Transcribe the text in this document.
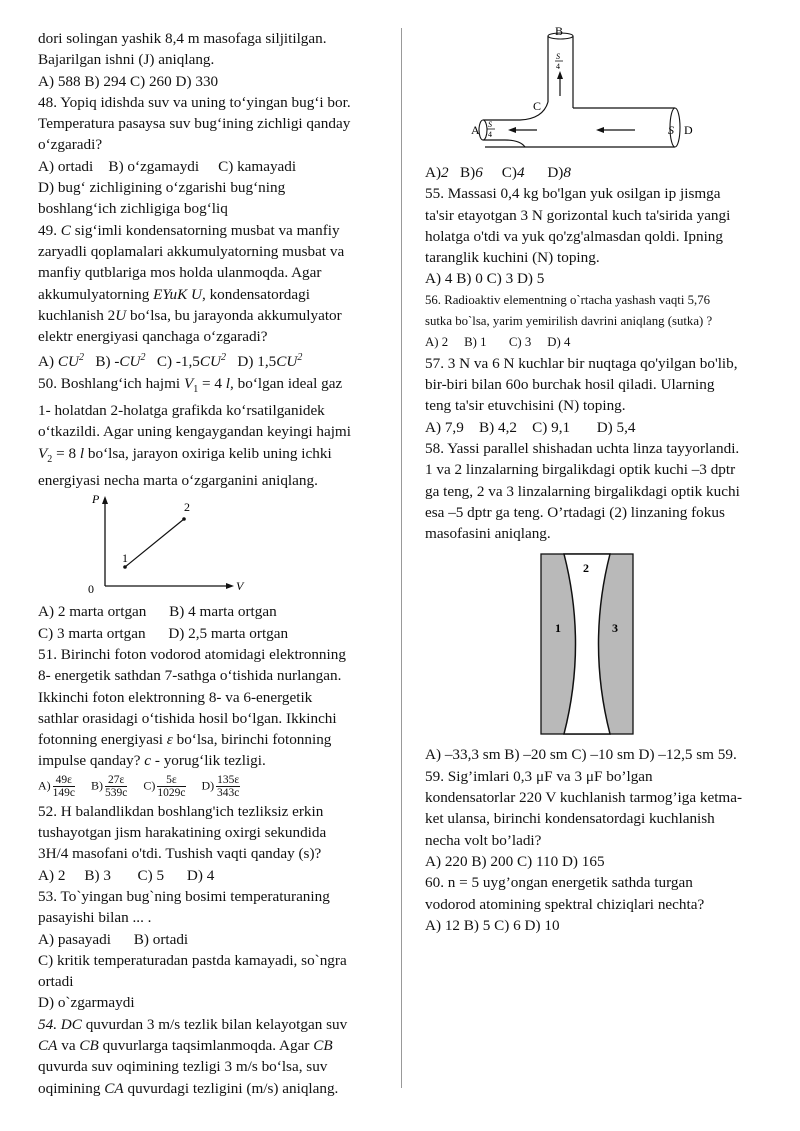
dori solingan yashik 8,4 m masofaga siljitilgan.

Bajarilgan ishni (J) aniqlang.

A) 588 B) 294 C) 260 D) 330

48. Yopiq idishda suv va uning to‘yingan bug‘i bor.

Temperatura pasaysa suv bug‘ining zichligi qanday

o‘zgaradi?

A) ortadi    B) o‘zgamaydi     C) kamayadi

D) bug‘ zichligining o‘zgarishi bug‘ning

boshlang‘ich zichligiga bog‘liq

49. C sig‘imli kondensatorning musbat va manfiy

zaryadli qoplamalari akkumulyatorning musbat va

manfiy qutblariga mos holda ulanmoqda. Agar

akkumulyatorning EYuK U, kondensatordagi

kuchlanish 2U bo‘lsa, bu jarayonda akkumulyator

elektr energiyasi qanchaga o‘zgaradi?

A) $CU^2$ B) $-CU^2$ C) $-1,5CU^2$ D) $1,5CU^2$

50. Boshlang‘ich hajmi $V_1 = 4$ l, bo‘lgan ideal gaz

1- holatdan 2-holatga grafikda ko‘rsatilganidek

o‘tkazildi. Agar uning kengaygandan keyingi hajmi

$V_2 = 8$ l bo‘lsa, jarayon oxiriga kelib uning ichki

energiyasi necha marta o‘zgarganini aniqlang.

P
V
0
1
2

A) 2 marta ortgan      B) 4 marta ortgan

C) 3 marta ortgan      D) 2,5 marta ortgan

51. Birinchi foton vodorod atomidagi elektronning

8- energetik sathdan 7-sathga o‘tishida nurlangan.

Ikkinchi foton elektronning 8- va 6-energetik

sathlar orasidagi o‘tishida hosil bo‘lgan. Ikkinchi

fotonning energiyasi ε bo‘lsa, birinchi fotonning

impulse qanday? c - yorug‘lik tezligi.

$A) \frac{49\varepsilon}{149c} B) \frac{27\varepsilon}{539c} C) \frac{5\varepsilon}{1029c} D) \frac{135\varepsilon}{343c}$

52. H balandlikdan boshlang'ich tezliksiz erkin

tushayotgan jism harakatining oxirgi sekundida

3H/4 masofani o'tdi. Tushish vaqti qanday (s)?

A) 2     B) 3       C) 5      D) 4

53. To`yingan bug`ning bosimi temperaturaning

pasayishi bilan ... .

A) pasayadi      B) ortadi

C) kritik temperaturadan pastda kamayadi, so`ngra

ortadi

D) o`zgarmaydi

54. DC quvurdan 3 m/s tezlik bilan kelayotgan suv

CA va CB quvurlarga taqsimlanmoqda. Agar CB

quvurda suv oqimining tezligi 3 m/s bo‘lsa, suv

oqimining CA quvurdagi tezligini (m/s) aniqlang.

S
4
S
4
B
C
A	S D

A)2 B)6 C)4 D)8

55. Massasi 0,4 kg bo'lgan yuk osilgan ip jismga

ta'sir etayotgan 3 N gorizontal kuch ta'sirida yangi

holatga o'tdi va yuk qo'zg'almasdan qoldi. Ipning

taranglik kuchini (N) toping.

A) 4 B) 0 C) 3 D) 5

56. Radioaktiv elementning o`rtacha yashash vaqti 5,76

sutka bo`lsa, yarim yemirilish davrini aniqlang (sutka) ?

A) 2     B) 1       C) 3     D) 4

57. 3 N va 6 N kuchlar bir nuqtaga qo'yilgan bo'lib,

bir-biri bilan 60o burchak hosil qiladi. Ularning

teng ta'sir etuvchisini (N) toping.

A) 7,9    B) 4,2    C) 9,1       D) 5,4

58. Yassi parallel shishadan uchta linza tayyorlandi.

1 va 2 linzalarning birgalikdagi optik kuchi –3 dptr

ga teng, 2 va 3 linzalarning birgalikdagi optik kuchi

esa –5 dptr ga teng. O’rtadagi (2) linzaning fokus

masofasini aniqlang.

2
1	3

A) –33,3 sm B) –20 sm C) –10 sm D) –12,5 sm 59.

59. Sig’imlari 0,3 μF va 3 μF bo’lgan

kondensatorlar 220 V kuchlanish tarmog’iga ketma-

ket ulansa, birinchi kondensatordagi kuchlanish

necha volt bo’ladi?

A) 220 B) 200 C) 110 D) 165

60. n = 5 uyg’ongan energetik sathda turgan

vodorod atomining spektral chiziqlari nechta?

A) 12 B) 5 C) 6 D) 10
